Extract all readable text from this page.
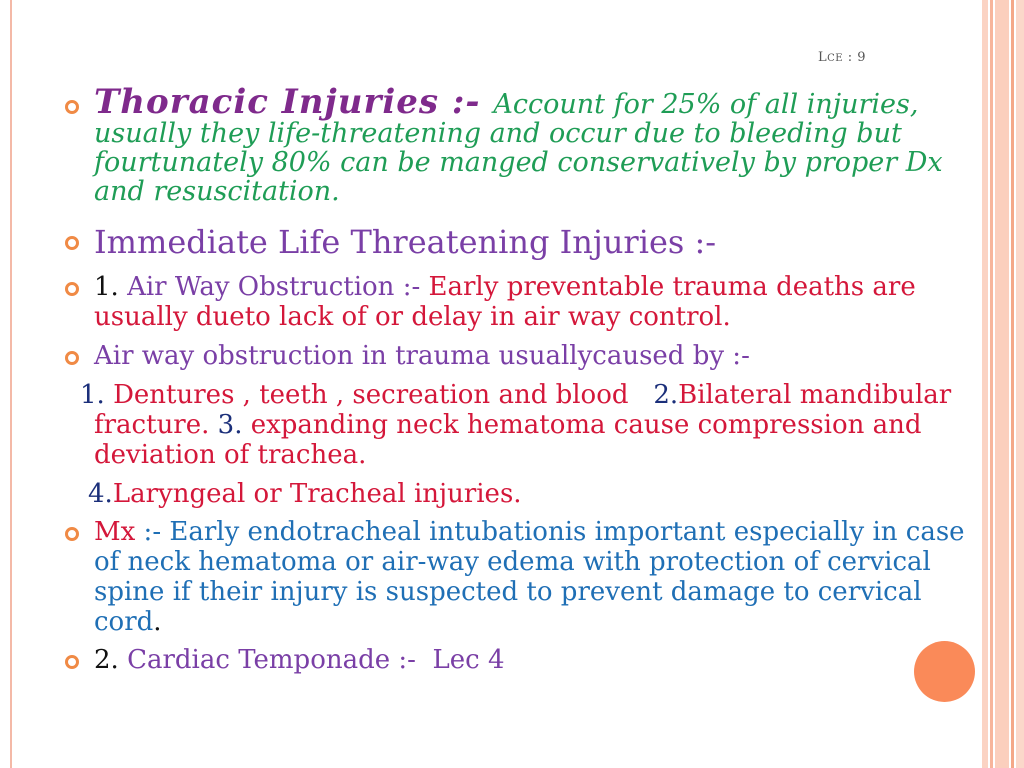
LCE : 9
Thoracic Injuries :- Account for 25% of all injuries, usually they life-threatening and occur due to bleeding but fourtunately 80% can be manged conservatively by proper Dx and resuscitation.
Immediate Life Threatening Injuries :-
1. Air Way Obstruction :- Early preventable trauma deaths are usually dueto lack of or delay in air way control.
Air way obstruction in trauma usuallycaused by :-
1. Dentures , teeth , secreation and blood 2.Bilateral mandibular fracture. 3. expanding neck hematoma cause compression and deviation of trachea.
4.Laryngeal or Tracheal injuries.
Mx :- Early endotracheal intubationis important especially in case of neck hematoma or air-way edema with protection of cervical spine if their injury is suspected to prevent damage to cervical cord.
2. Cardiac Temponade :-  Lec 4
